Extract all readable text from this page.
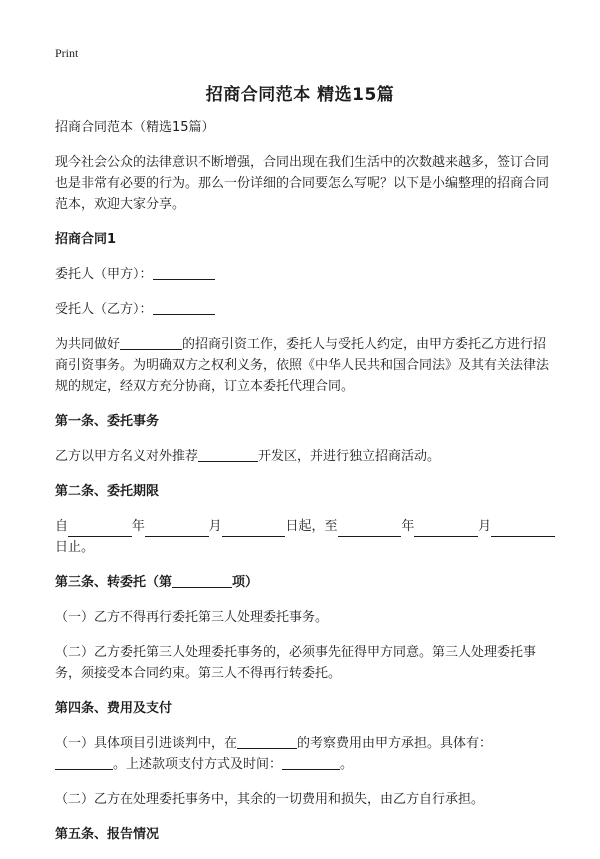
Print
招商合同范本 精选15篇

招商合同范本（精选15篇）

现今社会公众的法律意识不断增强，合同出现在我们生活中的次数越来越多，签订合同也是非常有必要的行为。那么一份详细的合同要怎么写呢？以下是小编整理的招商合同范本，欢迎大家分享。

招商合同1

委托人（甲方）：

受托人（乙方）：

为共同做好	的招商引资工作，委托人与受托人约定，由甲方委托乙方进行招商引资事务。为明确双方之权利义务，依照《中华人民共和国合同法》及其有关法律法规的规定，经双方充分协商，订立本委托代理合同。

第一条、委托事务

乙方以甲方名义对外推荐	开发区，并进行独立招商活动。

第二条、委托期限

自	年	月	日起，至	年	月
日止。

第三条、转委托（第	项）

（一）乙方不得再行委托第三人处理委托事务。

（二）乙方委托第三人处理委托事务的，必须事先征得甲方同意。第三人处理委托事务，须接受本合同约束。第三人不得再行转委托。

第四条、费用及支付

（一）具体项目引进谈判中，在	的考察费用由甲方承担。具体有：
。上述款项支付方式及时间：	。

（二）乙方在处理委托事务中，其余的一切费用和损失，由乙方自行承担。

第五条、报告情况
